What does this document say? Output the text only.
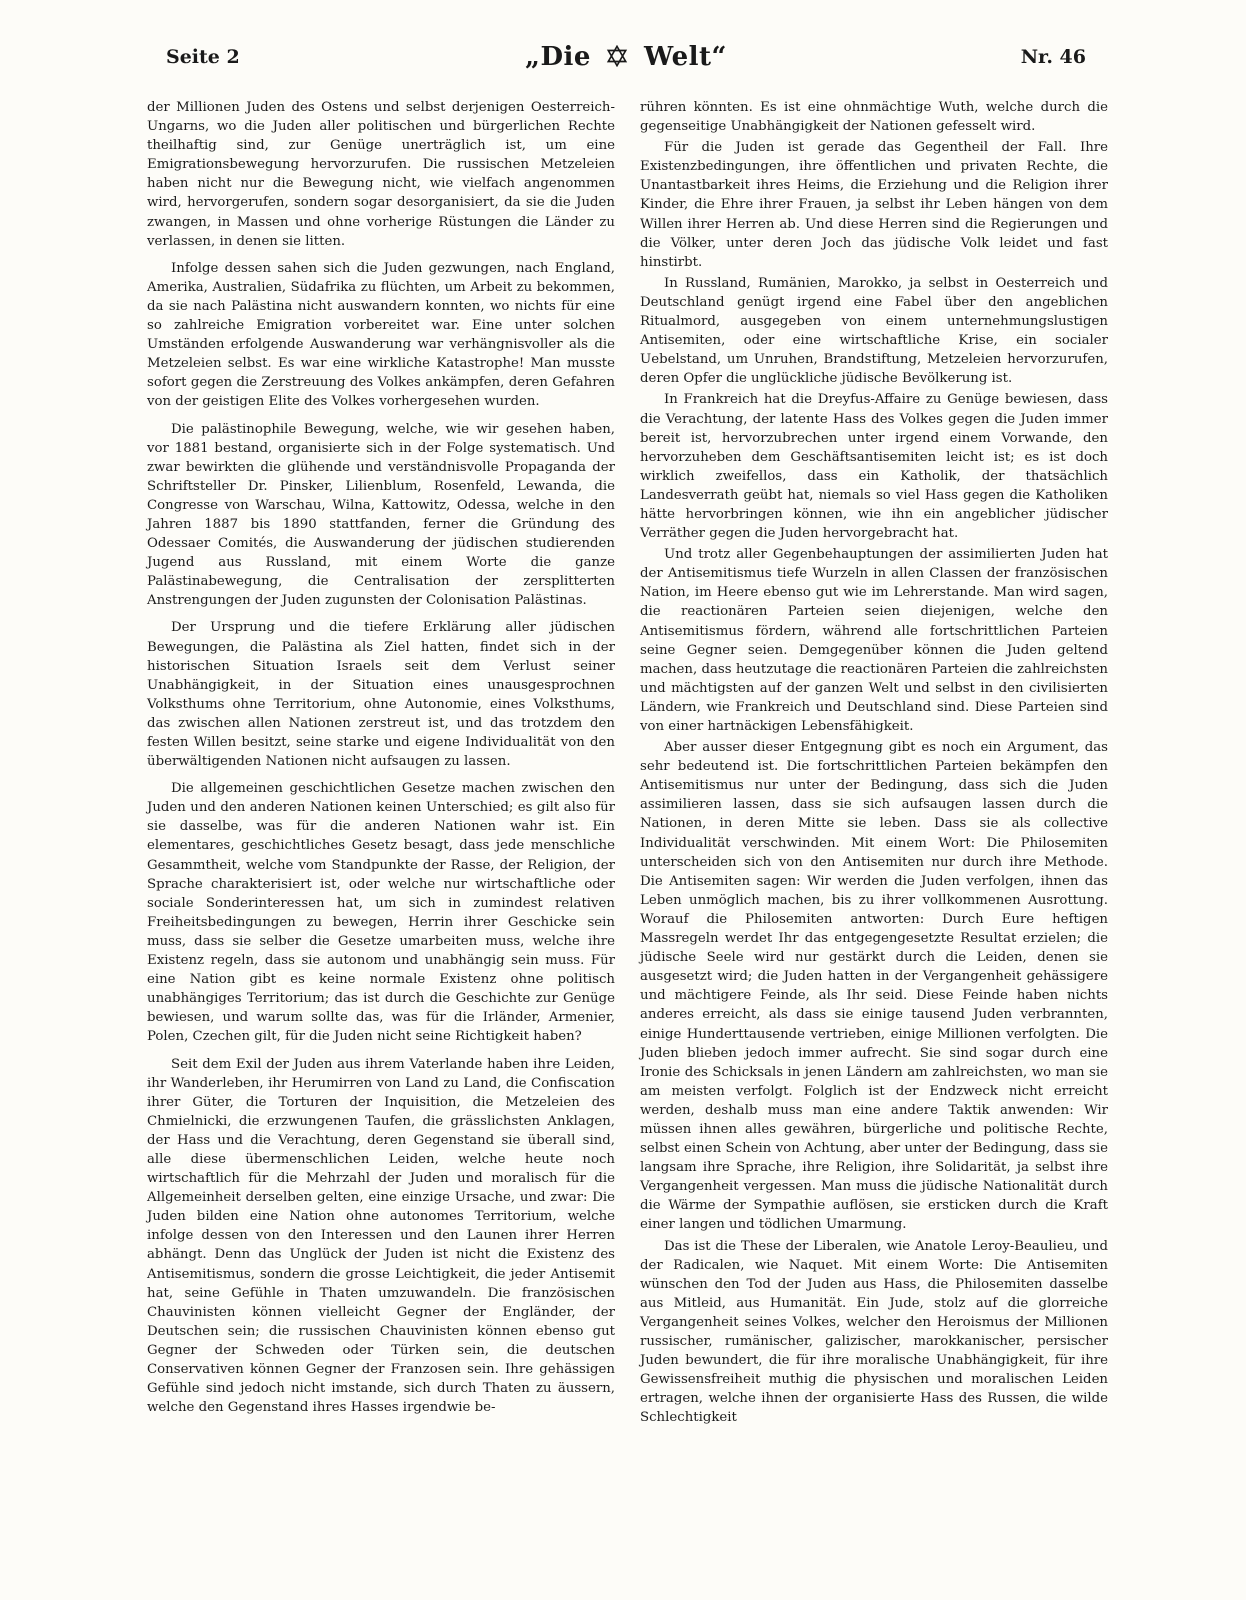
Seite 2	„Die Welt“	Nr. 46

der Millionen Juden des Ostens und selbst derjenigen Oesterreich-Ungarns, wo die Juden aller politischen und bürgerlichen Rechte theilhaftig sind, zur Genüge unerträglich ist, um eine Emigrationsbewegung hervorzurufen. Die russischen Metzeleien haben nicht nur die Bewegung nicht, wie vielfach angenommen wird, hervorgerufen, sondern sogar desorganisiert, da sie die Juden zwangen, in Massen und ohne vorherige Rüstungen die Länder zu verlassen, in denen sie litten.

Infolge dessen sahen sich die Juden gezwungen, nach England, Amerika, Australien, Südafrika zu flüchten, um Arbeit zu bekommen, da sie nach Palästina nicht auswandern konnten, wo nichts für eine so zahlreiche Emigration vorbereitet war. Eine unter solchen Umständen erfolgende Auswanderung war verhängnisvoller als die Metzeleien selbst. Es war eine wirkliche Katastrophe! Man musste sofort gegen die Zerstreuung des Volkes ankämpfen, deren Gefahren von der geistigen Elite des Volkes vorhergesehen wurden.

Die palästinophile Bewegung, welche, wie wir gesehen haben, vor 1881 bestand, organisierte sich in der Folge systematisch. Und zwar bewirkten die glühende und verständnisvolle Propaganda der Schriftsteller Dr. Pinsker, Lilienblum, Rosenfeld, Lewanda, die Congresse von Warschau, Wilna, Kattowitz, Odessa, welche in den Jahren 1887 bis 1890 stattfanden, ferner die Gründung des Odessaer Comités, die Auswanderung der jüdischen studierenden Jugend aus Russland, mit einem Worte die ganze Palästinabewegung, die Centralisation der zersplitterten Anstrengungen der Juden zugunsten der Colonisation Palästinas.

Der Ursprung und die tiefere Erklärung aller jüdischen Bewegungen, die Palästina als Ziel hatten, findet sich in der historischen Situation Israels seit dem Verlust seiner Unabhängigkeit, in der Situation eines unausgesprochnen Volksthums ohne Territorium, ohne Autonomie, eines Volksthums, das zwischen allen Nationen zerstreut ist, und das trotzdem den festen Willen besitzt, seine starke und eigene Individualität von den überwältigenden Nationen nicht aufsaugen zu lassen.

Die allgemeinen geschichtlichen Gesetze machen zwischen den Juden und den anderen Nationen keinen Unterschied; es gilt also für sie dasselbe, was für die anderen Nationen wahr ist. Ein elementares, geschichtliches Gesetz besagt, dass jede menschliche Gesammtheit, welche vom Standpunkte der Rasse, der Religion, der Sprache charakterisiert ist, oder welche nur wirtschaftliche oder sociale Sonderinteressen hat, um sich in zumindest relativen Freiheitsbedingungen zu bewegen, Herrin ihrer Geschicke sein muss, dass sie selber die Gesetze umarbeiten muss, welche ihre Existenz regeln, dass sie autonom und unabhängig sein muss. Für eine Nation gibt es keine normale Existenz ohne politisch unabhängiges Territorium; das ist durch die Geschichte zur Genüge bewiesen, und warum sollte das, was für die Irländer, Armenier, Polen, Czechen gilt, für die Juden nicht seine Richtigkeit haben?

Seit dem Exil der Juden aus ihrem Vaterlande haben ihre Leiden, ihr Wanderleben, ihr Herumirren von Land zu Land, die Confiscation ihrer Güter, die Torturen der Inquisition, die Metzeleien des Chmielnicki, die erzwungenen Taufen, die grässlichsten Anklagen, der Hass und die Verachtung, deren Gegenstand sie überall sind, alle diese übermenschlichen Leiden, welche heute noch wirtschaftlich für die Mehrzahl der Juden und moralisch für die Allgemeinheit derselben gelten, eine einzige Ursache, und zwar: Die Juden bilden eine Nation ohne autonomes Territorium, welche infolge dessen von den Interessen und den Launen ihrer Herren abhängt. Denn das Unglück der Juden ist nicht die Existenz des Antisemitismus, sondern die grosse Leichtigkeit, die jeder Antisemit hat, seine Gefühle in Thaten umzuwandeln. Die französischen Chauvinisten können vielleicht Gegner der Engländer, der Deutschen sein; die russischen Chauvinisten können ebenso gut Gegner der Schweden oder Türken sein, die deutschen Conservativen können Gegner der Franzosen sein. Ihre gehässigen Gefühle sind jedoch nicht imstande, sich durch Thaten zu äussern, welche den Gegenstand ihres Hasses irgendwie be-

rühren könnten. Es ist eine ohnmächtige Wuth, welche durch die gegenseitige Unabhängigkeit der Nationen gefesselt wird.

Für die Juden ist gerade das Gegentheil der Fall. Ihre Existenzbedingungen, ihre öffentlichen und privaten Rechte, die Unantastbarkeit ihres Heims, die Erziehung und die Religion ihrer Kinder, die Ehre ihrer Frauen, ja selbst ihr Leben hängen von dem Willen ihrer Herren ab. Und diese Herren sind die Regierungen und die Völker, unter deren Joch das jüdische Volk leidet und fast hinstirbt.

In Russland, Rumänien, Marokko, ja selbst in Oesterreich und Deutschland genügt irgend eine Fabel über den angeblichen Ritualmord, ausgegeben von einem unternehmungslustigen Antisemiten, oder eine wirtschaftliche Krise, ein socialer Uebelstand, um Unruhen, Brandstiftung, Metzeleien hervorzurufen, deren Opfer die unglückliche jüdische Bevölkerung ist.

In Frankreich hat die Dreyfus-Affaire zu Genüge bewiesen, dass die Verachtung, der latente Hass des Volkes gegen die Juden immer bereit ist, hervorzubrechen unter irgend einem Vorwande, den hervorzuheben dem Geschäftsantisemiten leicht ist; es ist doch wirklich zweifellos, dass ein Katholik, der thatsächlich Landesverrath geübt hat, niemals so viel Hass gegen die Katholiken hätte hervorbringen können, wie ihn ein angeblicher jüdischer Verräther gegen die Juden hervorgebracht hat.

Und trotz aller Gegenbehauptungen der assimilierten Juden hat der Antisemitismus tiefe Wurzeln in allen Classen der französischen Nation, im Heere ebenso gut wie im Lehrerstande. Man wird sagen, die reactionären Parteien seien diejenigen, welche den Antisemitismus fördern, während alle fortschrittlichen Parteien seine Gegner seien. Demgegenüber können die Juden geltend machen, dass heutzutage die reactionären Parteien die zahlreichsten und mächtigsten auf der ganzen Welt und selbst in den civilisierten Ländern, wie Frankreich und Deutschland sind. Diese Parteien sind von einer hartnäckigen Lebensfähigkeit.

Aber ausser dieser Entgegnung gibt es noch ein Argument, das sehr bedeutend ist. Die fortschrittlichen Parteien bekämpfen den Antisemitismus nur unter der Bedingung, dass sich die Juden assimilieren lassen, dass sie sich aufsaugen lassen durch die Nationen, in deren Mitte sie leben. Dass sie als collective Individualität verschwinden. Mit einem Wort: Die Philosemiten unterscheiden sich von den Antisemiten nur durch ihre Methode. Die Antisemiten sagen: Wir werden die Juden verfolgen, ihnen das Leben unmöglich machen, bis zu ihrer vollkommenen Ausrottung. Worauf die Philosemiten antworten: Durch Eure heftigen Massregeln werdet Ihr das entgegengesetzte Resultat erzielen; die jüdische Seele wird nur gestärkt durch die Leiden, denen sie ausgesetzt wird; die Juden hatten in der Vergangenheit gehässigere und mächtigere Feinde, als Ihr seid. Diese Feinde haben nichts anderes erreicht, als dass sie einige tausend Juden verbrannten, einige Hunderttausende vertrieben, einige Millionen verfolgten. Die Juden blieben jedoch immer aufrecht. Sie sind sogar durch eine Ironie des Schicksals in jenen Ländern am zahlreichsten, wo man sie am meisten verfolgt. Folglich ist der Endzweck nicht erreicht werden, deshalb muss man eine andere Taktik anwenden: Wir müssen ihnen alles gewähren, bürgerliche und politische Rechte, selbst einen Schein von Achtung, aber unter der Bedingung, dass sie langsam ihre Sprache, ihre Religion, ihre Solidarität, ja selbst ihre Vergangenheit vergessen. Man muss die jüdische Nationalität durch die Wärme der Sympathie auflösen, sie ersticken durch die Kraft einer langen und tödlichen Umarmung.

Das ist die These der Liberalen, wie Anatole Leroy-Beaulieu, und der Radicalen, wie Naquet. Mit einem Worte: Die Antisemiten wünschen den Tod der Juden aus Hass, die Philosemiten dasselbe aus Mitleid, aus Humanität. Ein Jude, stolz auf die glorreiche Vergangenheit seines Volkes, welcher den Heroismus der Millionen russischer, rumänischer, galizischer, marokkanischer, persischer Juden bewundert, die für ihre moralische Unabhängigkeit, für ihre Gewissensfreiheit muthig die physischen und moralischen Leiden ertragen, welche ihnen der organisierte Hass des Russen, die wilde Schlechtigkeit
